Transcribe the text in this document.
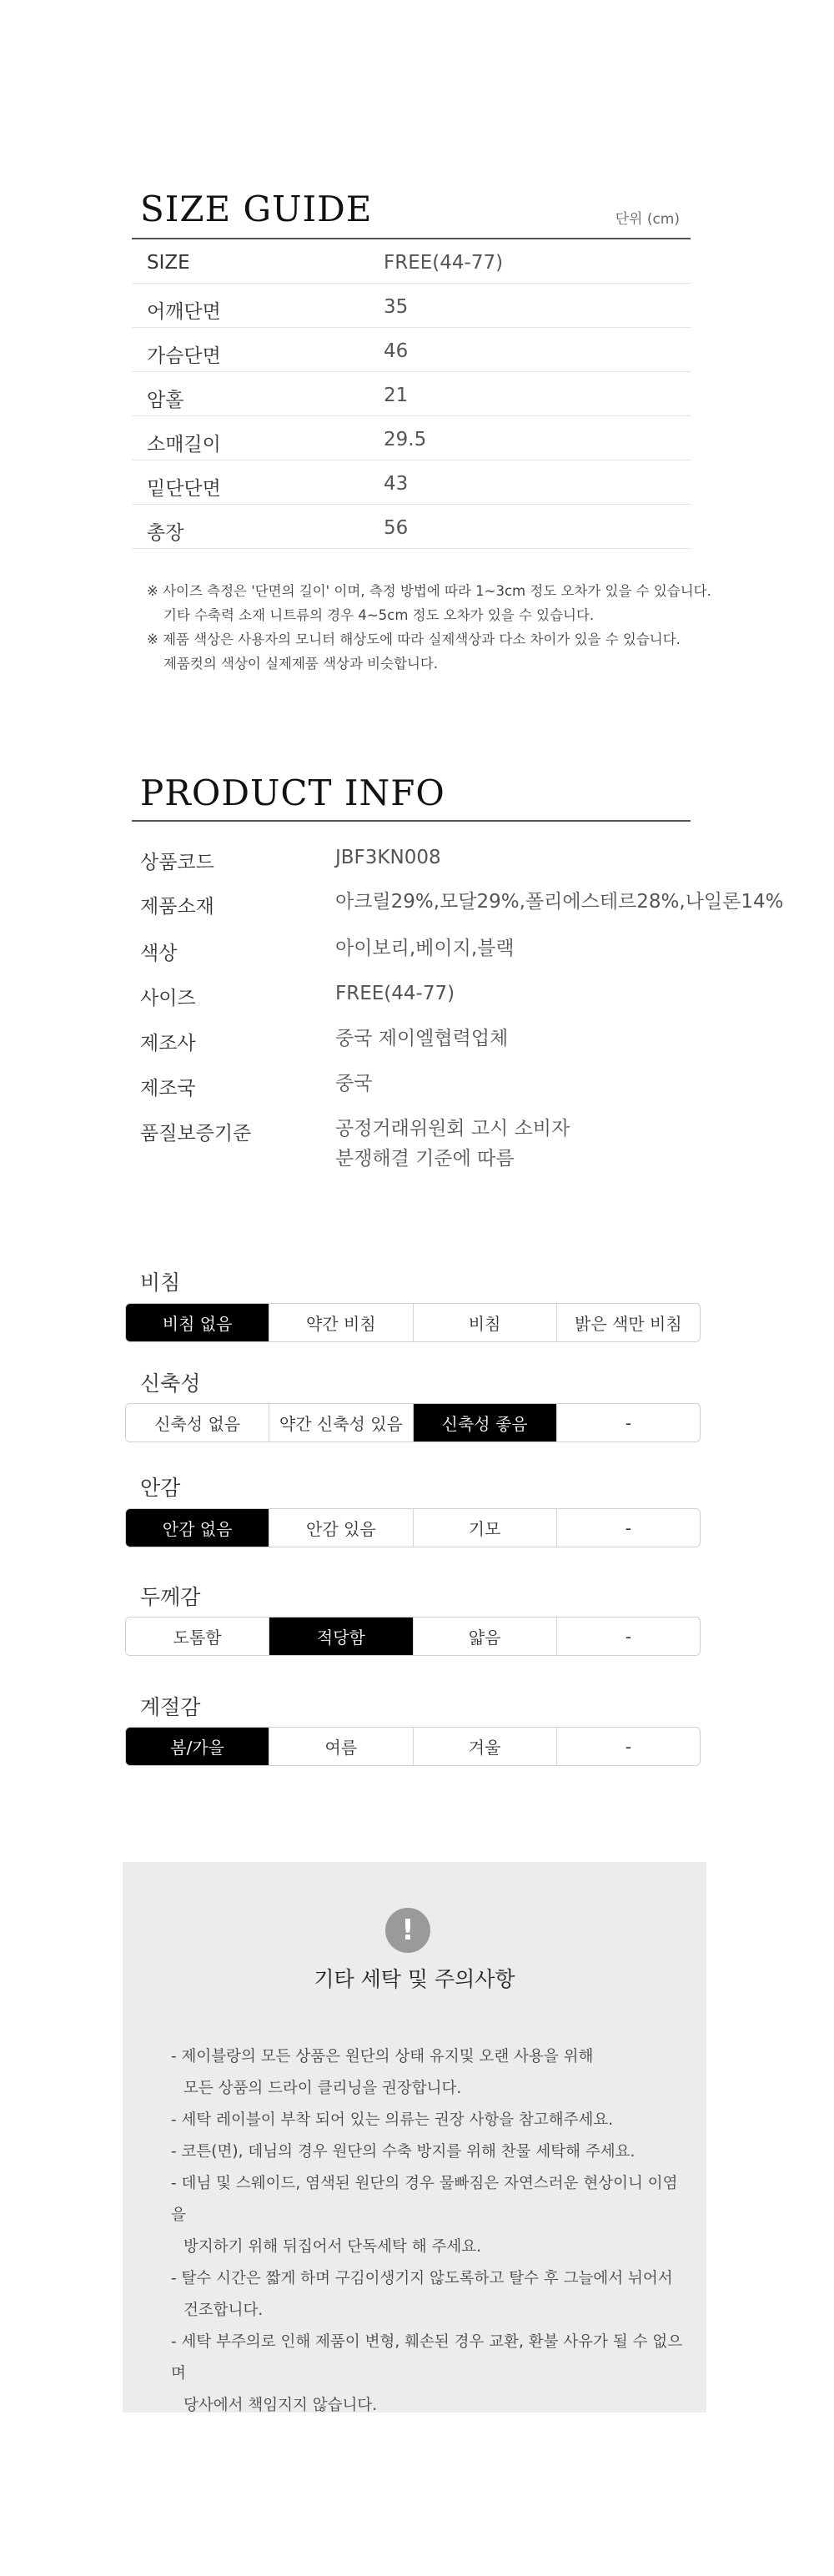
SIZE GUIDE	단위 (cm)
SIZE	FREE(44-77)
어깨단면	35
가슴단면	46
암홀	21
소매길이	29.5
밑단단면	43
총장	56
※ 사이즈 측정은 '단면의 길이' 이며, 측정 방법에 따라 1~3cm 정도 오차가 있을 수 있습니다.
기타 수축력 소재 니트류의 경우 4~5cm 정도 오차가 있을 수 있습니다.
※ 제품 색상은 사용자의 모니터 해상도에 따라 실제색상과 다소 차이가 있을 수 있습니다.
제품컷의 색상이 실제제품 색상과 비슷합니다.
PRODUCT INFO
상품코드	JBF3KN008
제품소재	아크릴29%,모달29%,폴리에스테르28%,나일론14%
색상	아이보리,베이지,블랙
사이즈	FREE(44-77)
제조사	중국 제이엘협력업체
제조국	중국
품질보증기준	공정거래위원회 고시 소비자
분쟁해결 기준에 따름
비침
비침 없음	약간 비침	비침	밝은 색만 비침
신축성
신축성 없음	약간 신축성 있음	신축성 좋음	-
안감
안감 없음	안감 있음	기모	-
두께감
도톰함	적당함	얇음	-
계절감
봄/가을	여름	겨울	-
!
기타 세탁 및 주의사항
- 제이블랑의 모든 상품은 원단의 상태 유지및 오랜 사용을 위해
모든 상품의 드라이 클리닝을 권장합니다.
- 세탁 레이블이 부착 되어 있는 의류는 권장 사항을 참고해주세요.
- 코튼(면), 데님의 경우 원단의 수축 방지를 위해 찬물 세탁해 주세요.
- 데님 및 스웨이드, 염색된 원단의 경우 물빠짐은 자연스러운 현상이니 이염을
방지하기 위해 뒤집어서 단독세탁 해 주세요.
- 탈수 시간은 짧게 하며 구김이생기지 않도록하고 탈수 후 그늘에서 뉘어서
건조합니다.
- 세탁 부주의로 인해 제품이 변형, 훼손된 경우 교환, 환불 사유가 될 수 없으며
당사에서 책임지지 않습니다.
